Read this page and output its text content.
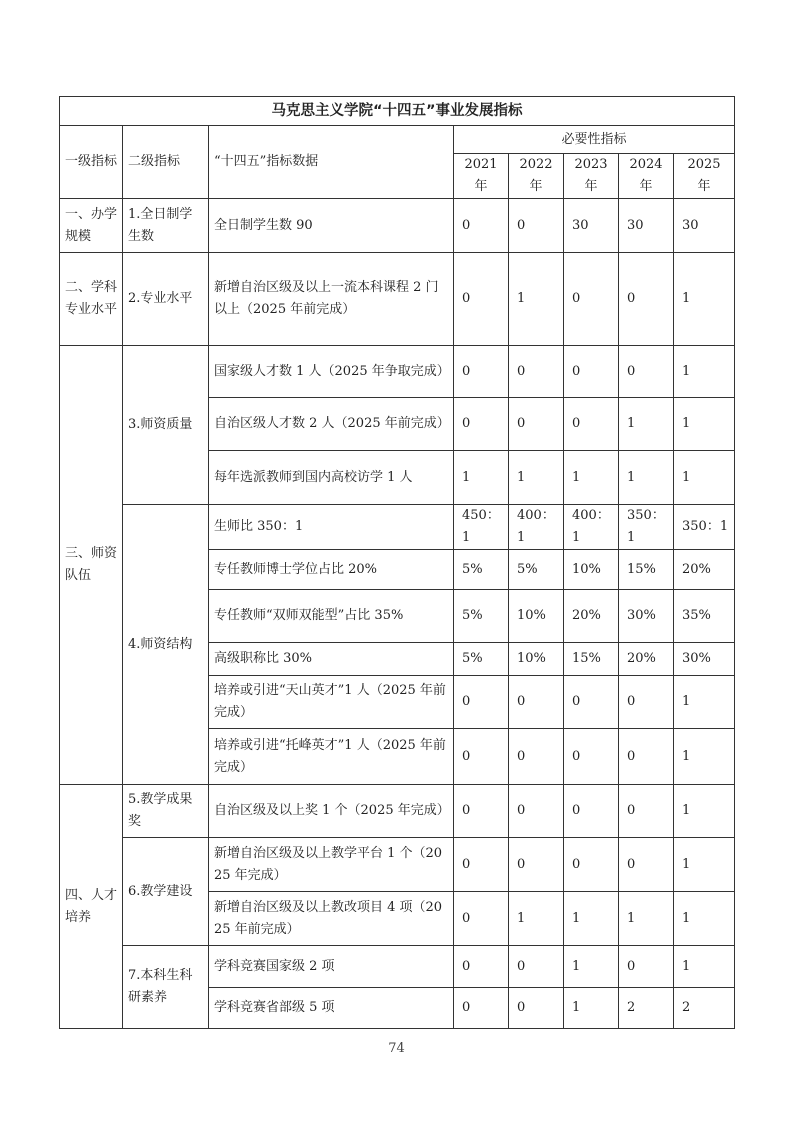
马克思主义学院“十四五”事业发展指标							
一级指标	二级指标	“十四五”指标数据	必要性指标				
			2021 年	2022 年	2023 年	2024 年	2025 年
一、办学规模	1.全日制学生数	全日制学生数 90	0	0	30	30	30
二、学科专业水平	2.专业水平	新增自治区级及以上一流本科课程 2 门以上（2025 年前完成）	0	1	0	0	1
三、师资队伍	3.师资质量	国家级人才数 1 人（2025 年争取完成）	0	0	0	0	1
		自治区级人才数 2 人（2025 年前完成）	0	0	0	1	1
		每年选派教师到国内高校访学 1 人	1	1	1	1	1
	4.师资结构	生师比 350：1	450：1	400：1	400：1	350：1	350：1
		专任教师博士学位占比 20%	5%	5%	10%	15%	20%
		专任教师“双师双能型”占比 35%	5%	10%	20%	30%	35%
		高级职称比 30%	5%	10%	15%	20%	30%
		培养或引进“天山英才”1 人（2025 年前完成）	0	0	0	0	1
		培养或引进“托峰英才”1 人（2025 年前完成）	0	0	0	0	1
四、人才培养	5.教学成果奖	自治区级及以上奖 1 个（2025 年完成）	0	0	0	0	1
	6.教学建设	新增自治区级及以上教学平台 1 个（2025 年完成）	0	0	0	0	1
		新增自治区级及以上教改项目 4 项（2025 年前完成）	0	1	1	1	1
	7.本科生科研素养	学科竞赛国家级 2 项	0	0	1	0	1
		学科竞赛省部级 5 项	0	0	1	2	2
74
